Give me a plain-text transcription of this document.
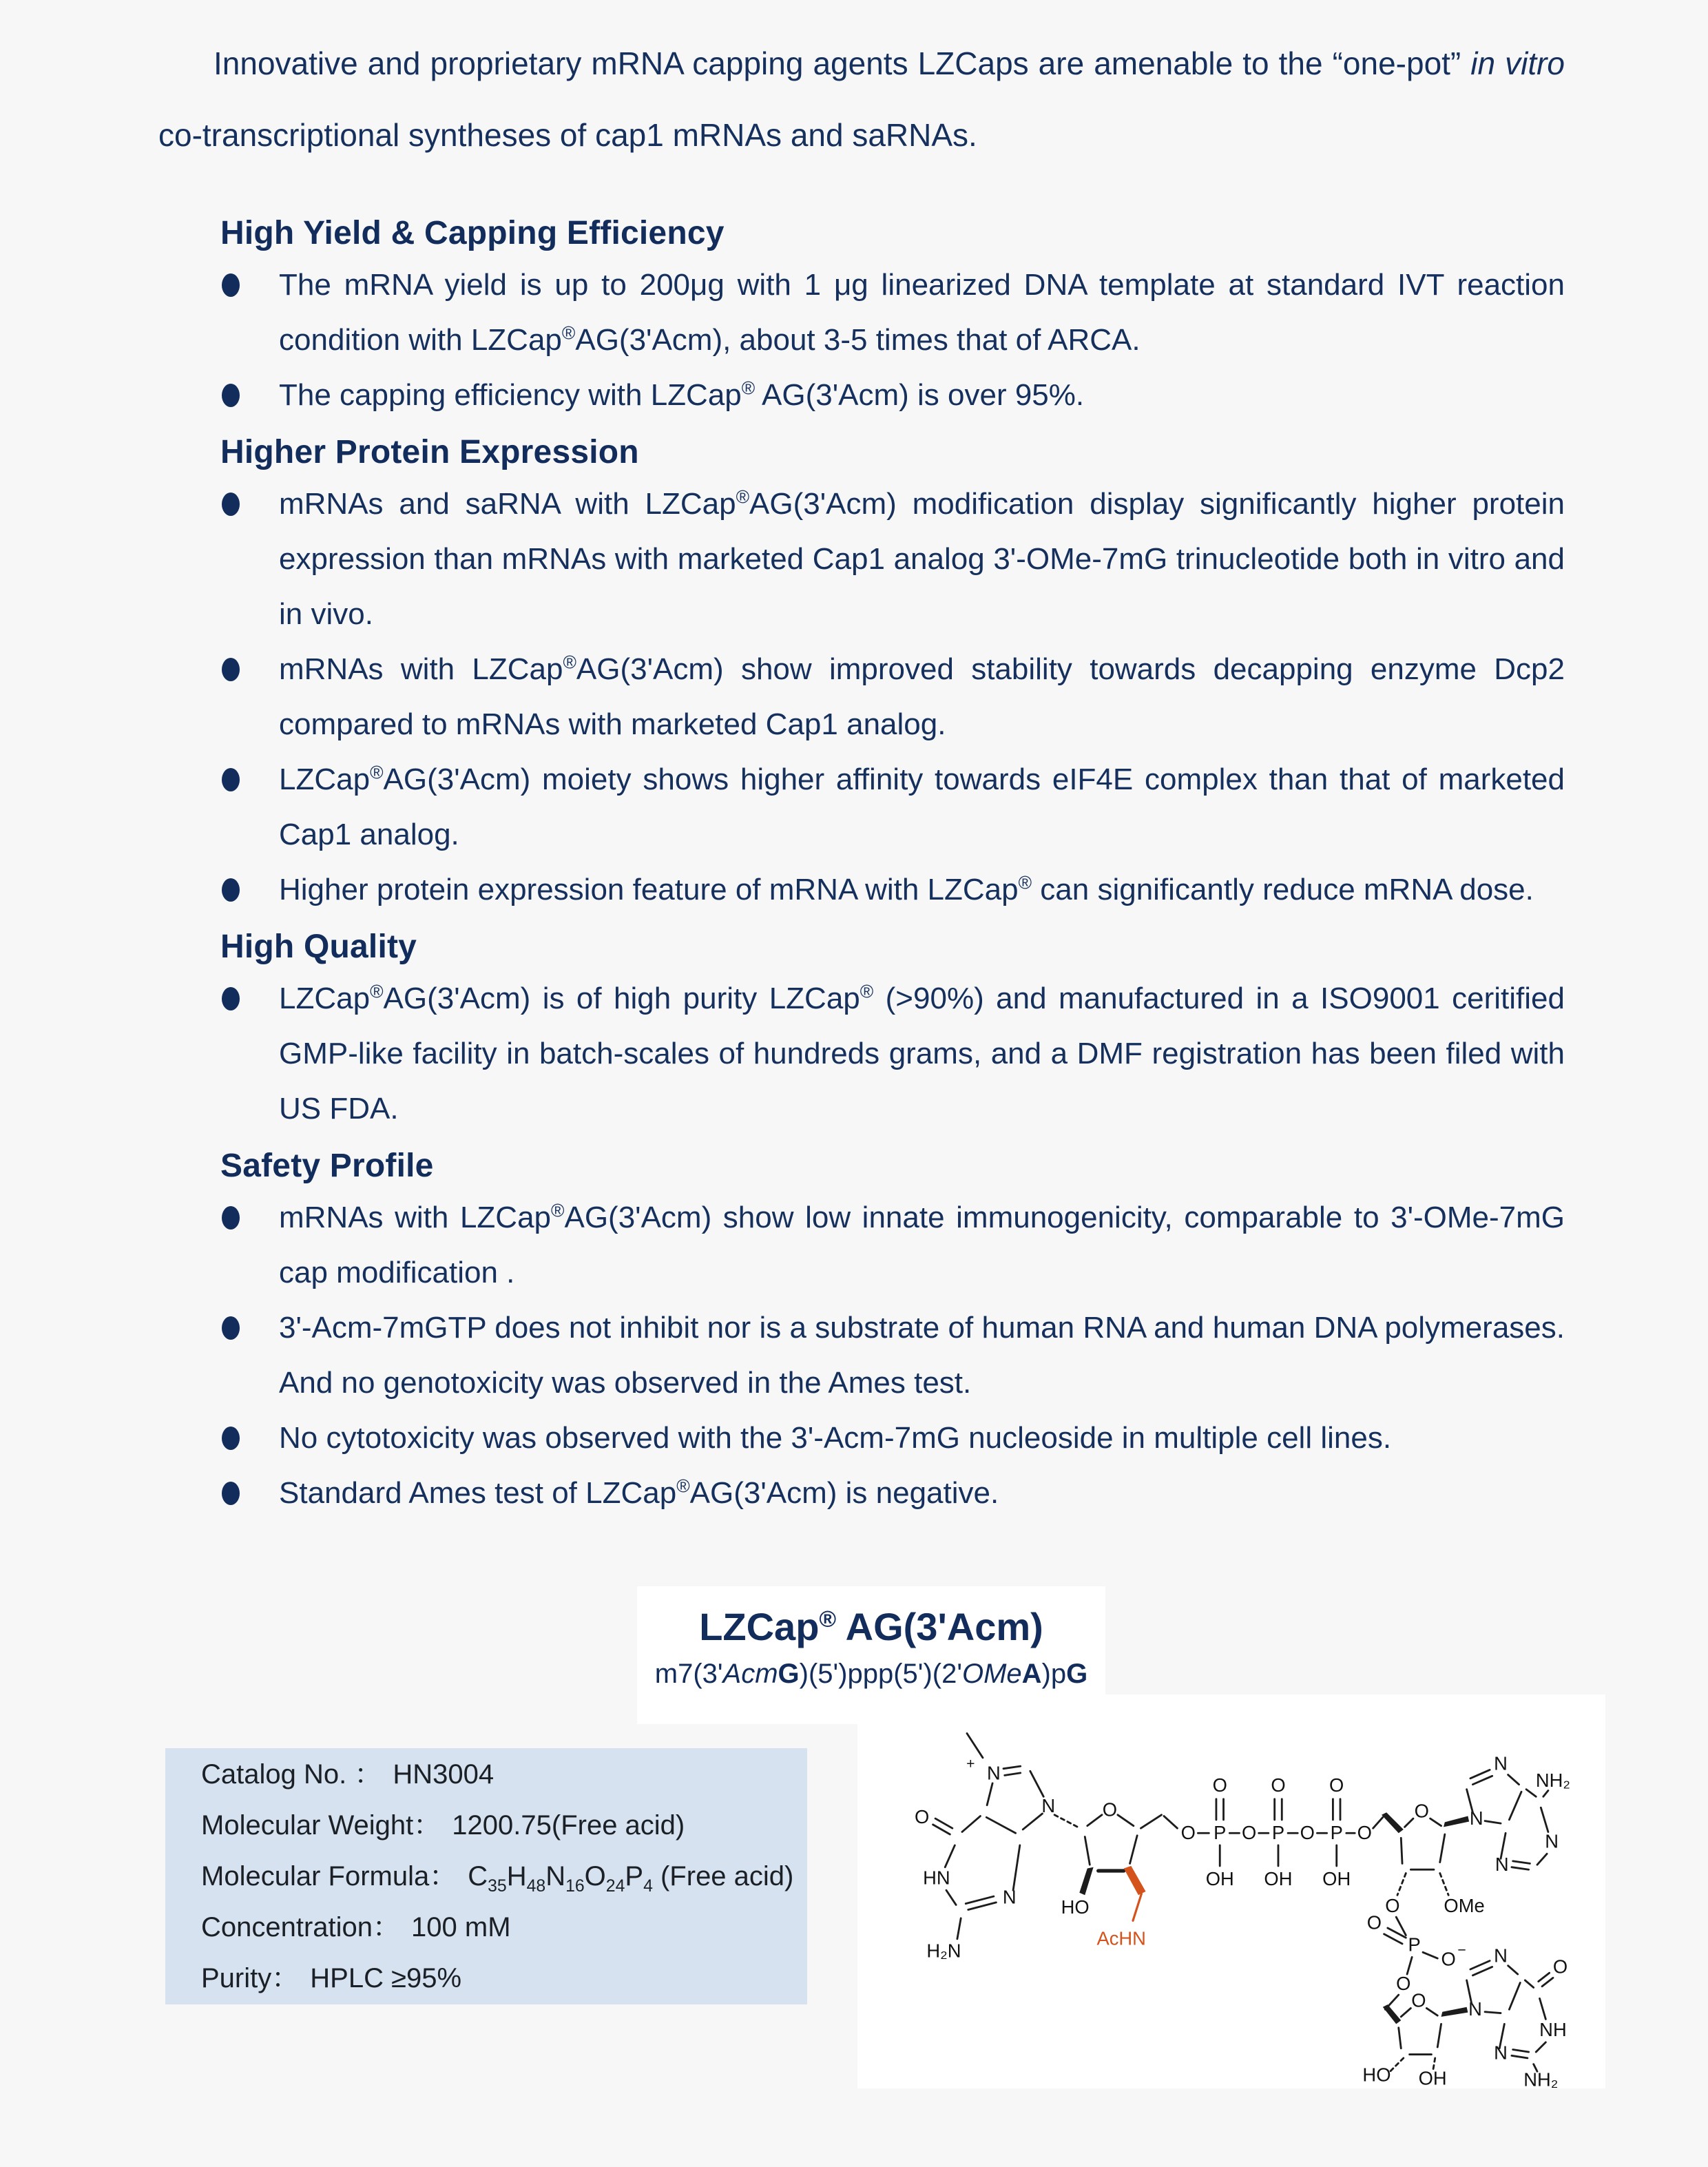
Innovative and proprietary mRNA capping agents LZCaps are amenable to the “one-pot” in vitro co-transcriptional syntheses of cap1 mRNAs and saRNAs.

High Yield & Capping Efficiency

The mRNA yield is up to 200μg with 1 μg linearized DNA template at standard IVT reaction condition with LZCap®AG(3'Acm), about 3-5 times that of ARCA.

The capping efficiency with LZCap® AG(3'Acm) is over 95%.

Higher Protein Expression

mRNAs and saRNA with LZCap®AG(3'Acm) modification display significantly higher protein expression than mRNAs with marketed Cap1 analog 3'-OMe-7mG trinucleotide both in vitro and in vivo.

mRNAs with LZCap®AG(3'Acm) show improved stability towards decapping enzyme Dcp2 compared to mRNAs with marketed Cap1 analog.

LZCap®AG(3'Acm) moiety shows higher affinity towards eIF4E complex than that of marketed Cap1 analog.

Higher protein expression feature of mRNA with LZCap® can significantly reduce mRNA dose.

High Quality

LZCap®AG(3'Acm) is of high purity LZCap® (>90%) and manufactured in a ISO9001 ceritified GMP-like facility in batch-scales of hundreds grams, and a DMF registration has been filed with US FDA.

Safety Profile

mRNAs with LZCap®AG(3'Acm) show low innate immunogenicity, comparable to 3'-OMe-7mG cap modification .

3'-Acm-7mGTP does not inhibit nor is a substrate of human RNA and human DNA polymerases. And no genotoxicity was observed in the Ames test.

No cytotoxicity was observed with the 3'-Acm-7mG nucleoside in multiple cell lines.

Standard Ames test of LZCap®AG(3'Acm) is negative.

LZCap® AG(3'Acm)

m7(3'AcmG)(5')ppp(5')(2'OMeA)pG

Catalog No. ： HN3004
Molecular Weight： 1200.75(Free acid)
Molecular Formula： $C_{35}H_{48}N_{16}O_{24}P_4$ (Free acid)
Concentration： 100 mM
Purity： HPLC ≥95%
+ N
N
O
HN
N
H₂N
O
HO
AcHN
O P
O
OH
O P
O
OH
O P
O
OH
O
O
OMe
O
N
N
NH₂
N
N
P
O
O −
O
O
HO OH
N
N
O
NH
N
NH₂
